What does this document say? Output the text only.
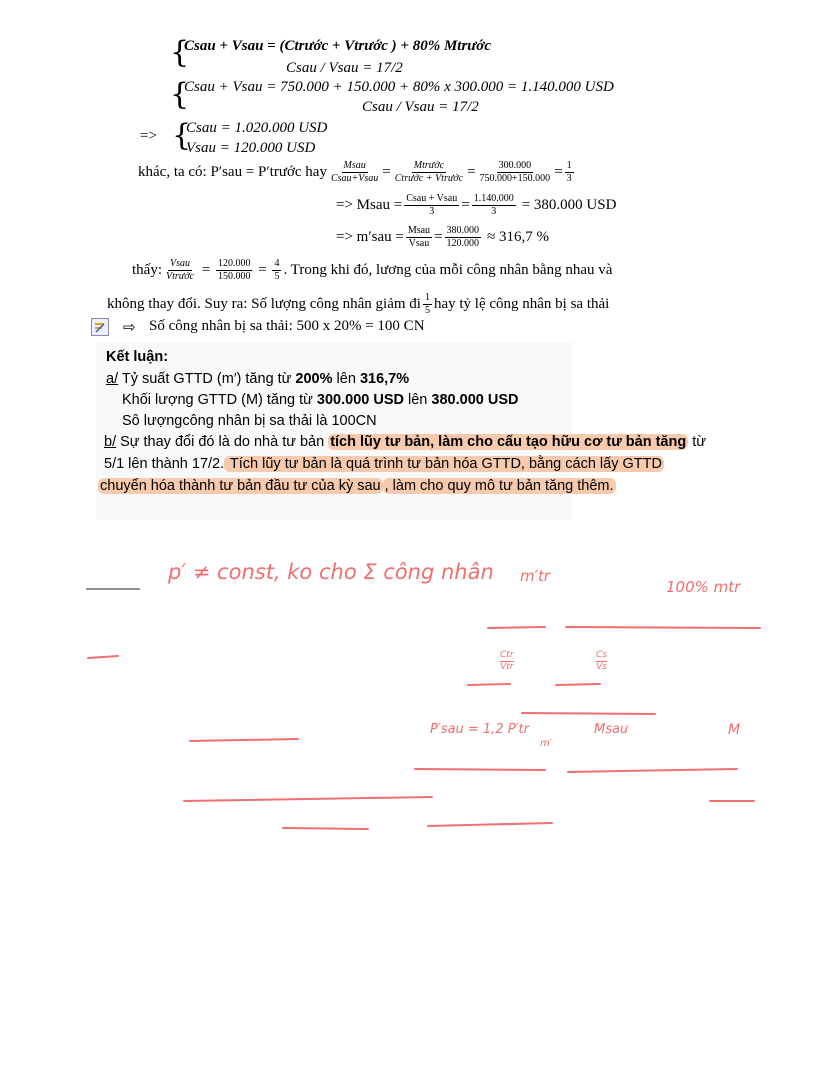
{
Csau + Vsau = (Ctrước + Vtrước ) + 80% Mtrước
Csau / Vsau = 17/2
{
Csau + Vsau = 750.000 + 150.000 + 80% x 300.000 = 1.140.000 USD
Csau / Vsau = 17/2
=> {
Csau = 1.020.000 USD
Vsau = 120.000 USD
khác, ta có: P′sau = P′trước hay $\frac{\text{Msau}}{\text{Csau+Vsau}} = \frac{\text{Mtrước}}{\text{Ctrước + Vtrước}} = \frac{300.000}{750.000+150.000} = \frac{1}{3}$
=> Msau = $\frac{\text{Csau + Vsau}}{3} = \frac{1.140.000}{3} = 380.000$ USD
=> $m'sau = \frac{\text{Msau}}{\text{Vsau}} = \frac{380.000}{120.000} \approx 316,7$ %
thấy: $\frac{\text{Vsau}}{\text{Vtrước}} = \frac{120.000}{150.000} = \frac{4}{5}$ . Trong khi đó, lương của mỗi công nhân bằng nhau và
không thay đổi. Suy ra: Số lượng công nhân giảm đi $\frac{1}{5}$ hay tỷ lệ công nhân bị sa thải
⇨ Số công nhân bị sa thải: 500 x 20% = 100 CN
Kết luận:
a/ Tỷ suất GTTD (m′) tăng từ 200% lên 316,7%
Khối lượng GTTD (M) tăng từ 300.000 USD lên 380.000 USD
Sô lượngcông nhân bị sa thải là 100CN
b/ Sự thay đổi đó là do nhà tư bản tích lũy tư bản, làm cho cấu tạo hữu cơ tư bản tăng từ
5/1 lên thành 17/2. Tích lũy tư bản là quá trình tư bản hóa GTTD, bằng cách lấy GTTD
chuyển hóa thành tư bản đầu tư của kỳ sau , làm cho quy mô tư bản tăng thêm.
p′ ≠ const, ko cho Σ công nhân m′tr
100% mtr
Ctr
Vtr	$\frac{Cs}{Vs}$
P′sau = 1,2 P′tr
m′
Msau	M
